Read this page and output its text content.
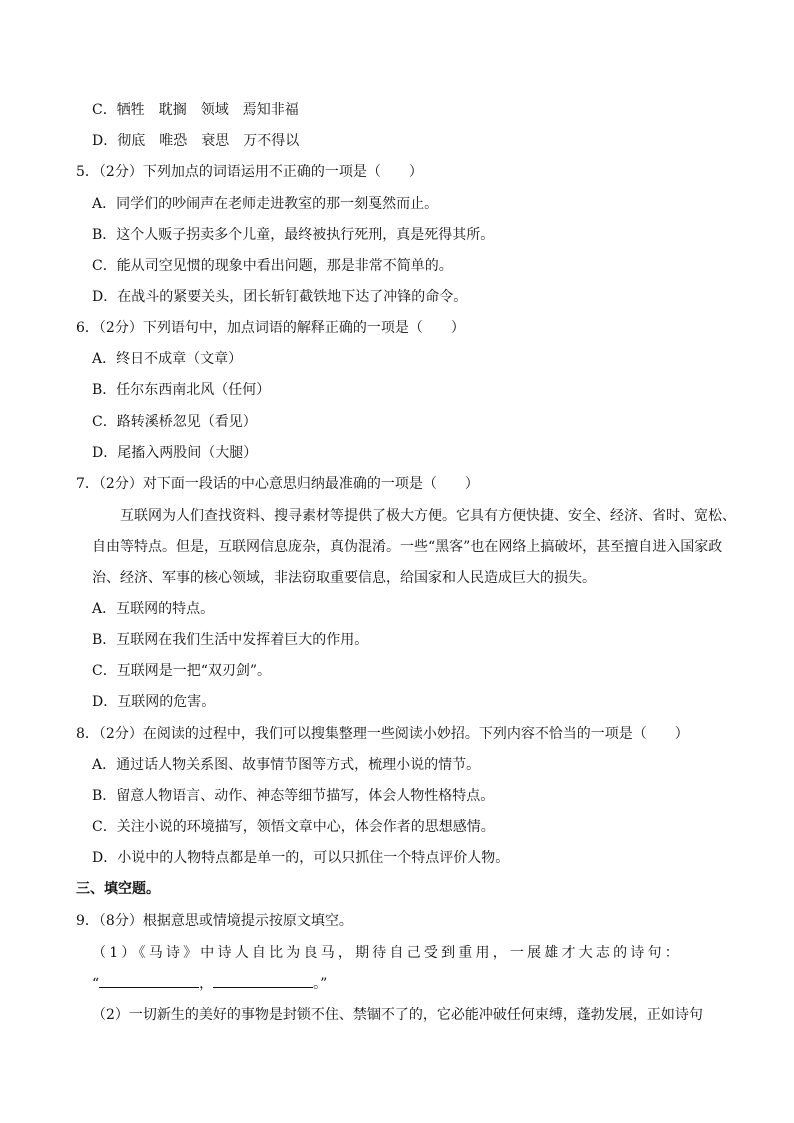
C．牺牲　耽搁　领域　焉知非福
D．彻底　唯恐　衰思　万不得以
5．（2分）下列加点的词语运用不正确的一项是（　　）
A．同学们的吵闹声在老师走进教室的那一刻戛然而止。
B．这个人贩子拐卖多个儿童，最终被执行死刑，真是死得其所。
C．能从司空见惯的现象中看出问题，那是非常不简单的。
D．在战斗的紧要关头，团长斩钉截铁地下达了冲锋的命令。
6．（2分）下列语句中，加点词语的解释正确的一项是（　　）
A．终日不成章（文章）
B．任尔东西南北风（任何）
C．路转溪桥忽见（看见）
D．尾搐入两股间（大腿）
7．（2分）对下面一段话的中心意思归纳最准确的一项是（　　）
互联网为人们查找资料、搜寻素材等提供了极大方便。它具有方便快捷、安全、经济、省时、宽松、
自由等特点。但是，互联网信息庞杂，真伪混淆。一些“黑客”也在网络上搞破坏，甚至擅自进入国家政
治、经济、军事的核心领域，非法窃取重要信息，给国家和人民造成巨大的损失。
A．互联网的特点。
B．互联网在我们生活中发挥着巨大的作用。
C．互联网是一把“双刃剑”。
D．互联网的危害。
8．（2分）在阅读的过程中，我们可以搜集整理一些阅读小妙招。下列内容不恰当的一项是（　　）
A．通过话人物关系图、故事情节图等方式，梳理小说的情节。
B．留意人物语言、动作、神态等细节描写，体会人物性格特点。
C．关注小说的环境描写，领悟文章中心，体会作者的思想感情。
D．小说中的人物特点都是单一的，可以只抓住一个特点评价人物。
三、填空题。
9．（8分）根据意思或情境提示按原文填空。
（1）《马诗》中诗人自比为良马，期待自己受到重用，一展雄才大志的诗句：
“	，	。”
（2）一切新生的美好的事物是封锁不住、禁锢不了的，它必能冲破任何束缚，蓬勃发展，正如诗句
